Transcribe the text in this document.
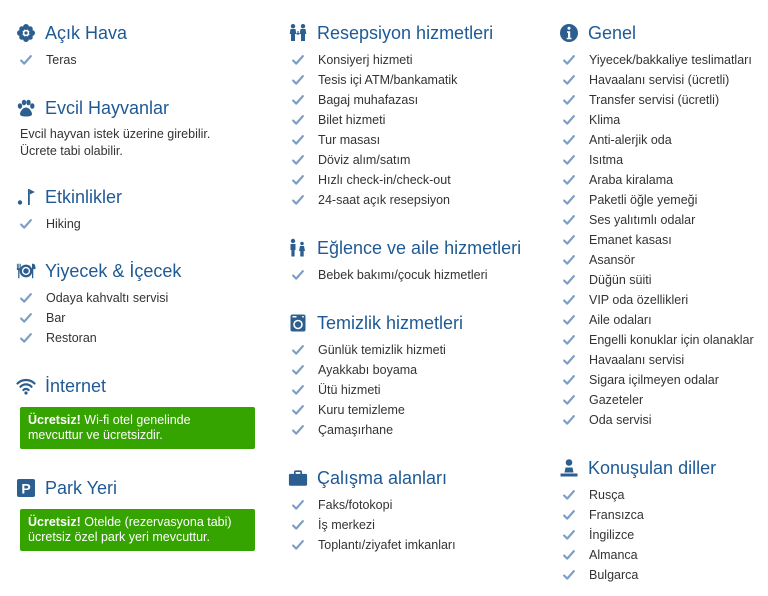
Açık Hava
Teras
Evcil Hayvanlar
Evcil hayvan istek üzerine girebilir.
Ücrete tabi olabilir.
Etkinlikler
Hiking
Yiyecek & İçecek
Odaya kahvaltı servisi
Bar
Restoran
İnternet
Ücretsiz! Wi-fi otel genelinde mevcuttur ve ücretsizdir.
P Park Yeri
Ücretsiz! Otelde (rezervasyona tabi) ücretsiz özel park yeri mevcuttur.
Resepsiyon hizmetleri
Konsiyerj hizmeti
Tesis içi ATM/bankamatik
Bagaj muhafazası
Bilet hizmeti
Tur masası
Döviz alım/satım
Hızlı check-in/check-out
24-saat açık resepsiyon
Eğlence ve aile hizmetleri
Bebek bakımı/çocuk hizmetleri
Temizlik hizmetleri
Günlük temizlik hizmeti
Ayakkabı boyama
Ütü hizmeti
Kuru temizleme
Çamaşırhane
Çalışma alanları
Faks/fotokopi
İş merkezi
Toplantı/ziyafet imkanları
Genel
Yiyecek/bakkaliye teslimatları
Havaalanı servisi (ücretli)
Transfer servisi (ücretli)
Klima
Anti-alerjik oda
Isıtma
Araba kiralama
Paketli öğle yemeği
Ses yalıtımlı odalar
Emanet kasası
Asansör
Düğün süiti
VIP oda özellikleri
Aile odaları
Engelli konuklar için olanaklar
Havaalanı servisi
Sigara içilmeyen odalar
Gazeteler
Oda servisi
Konuşulan diller
Rusça
Fransızca
İngilizce
Almanca
Bulgarca
